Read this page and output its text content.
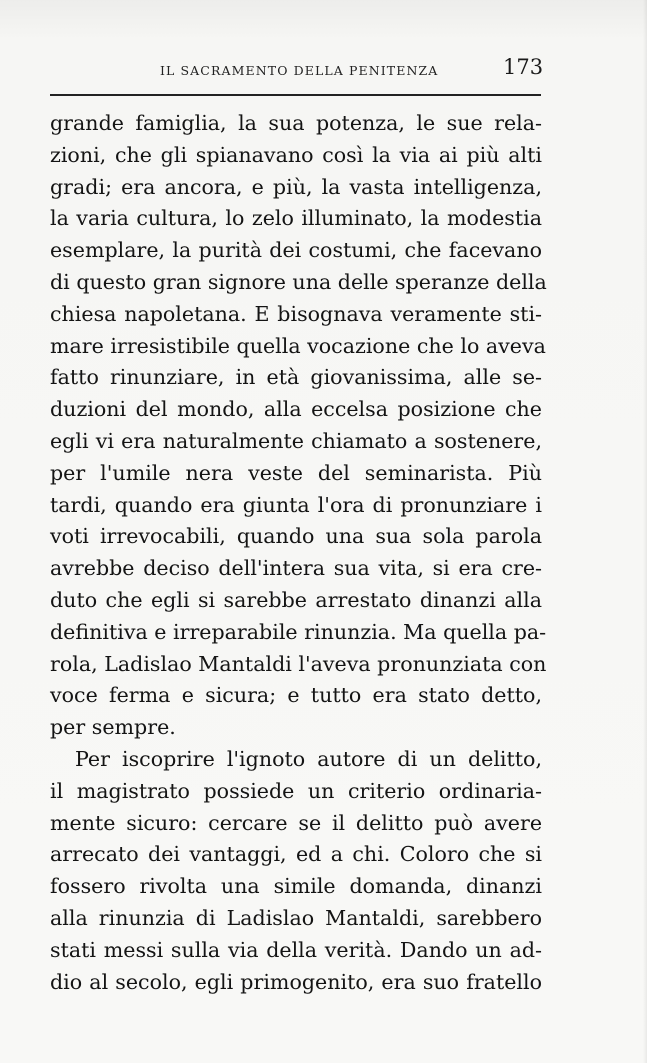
IL SACRAMENTO DELLA PENITENZA	173
grande famiglia, la sua potenza, le sue rela-
zioni, che gli spianavano così la via ai più alti
gradi; era ancora, e più, la vasta intelligenza,
la varia cultura, lo zelo illuminato, la modestia
esemplare, la purità dei costumi, che facevano
di questo gran signore una delle speranze della
chiesa napoletana. E bisognava veramente sti-
mare irresistibile quella vocazione che lo aveva
fatto rinunziare, in età giovanissima, alle se-
duzioni del mondo, alla eccelsa posizione che
egli vi era naturalmente chiamato a sostenere,
per l'umile nera veste del seminarista. Più
tardi, quando era giunta l'ora di pronunziare i
voti irrevocabili, quando una sua sola parola
avrebbe deciso dell'intera sua vita, si era cre-
duto che egli si sarebbe arrestato dinanzi alla
definitiva e irreparabile rinunzia. Ma quella pa-
rola, Ladislao Mantaldi l'aveva pronunziata con
voce ferma e sicura; e tutto era stato detto,
per sempre.
Per iscoprire l'ignoto autore di un delitto,
il magistrato possiede un criterio ordinaria-
mente sicuro: cercare se il delitto può avere
arrecato dei vantaggi, ed a chi. Coloro che si
fossero rivolta una simile domanda, dinanzi
alla rinunzia di Ladislao Mantaldi, sarebbero
stati messi sulla via della verità. Dando un ad-
dio al secolo, egli primogenito, era suo fratello
